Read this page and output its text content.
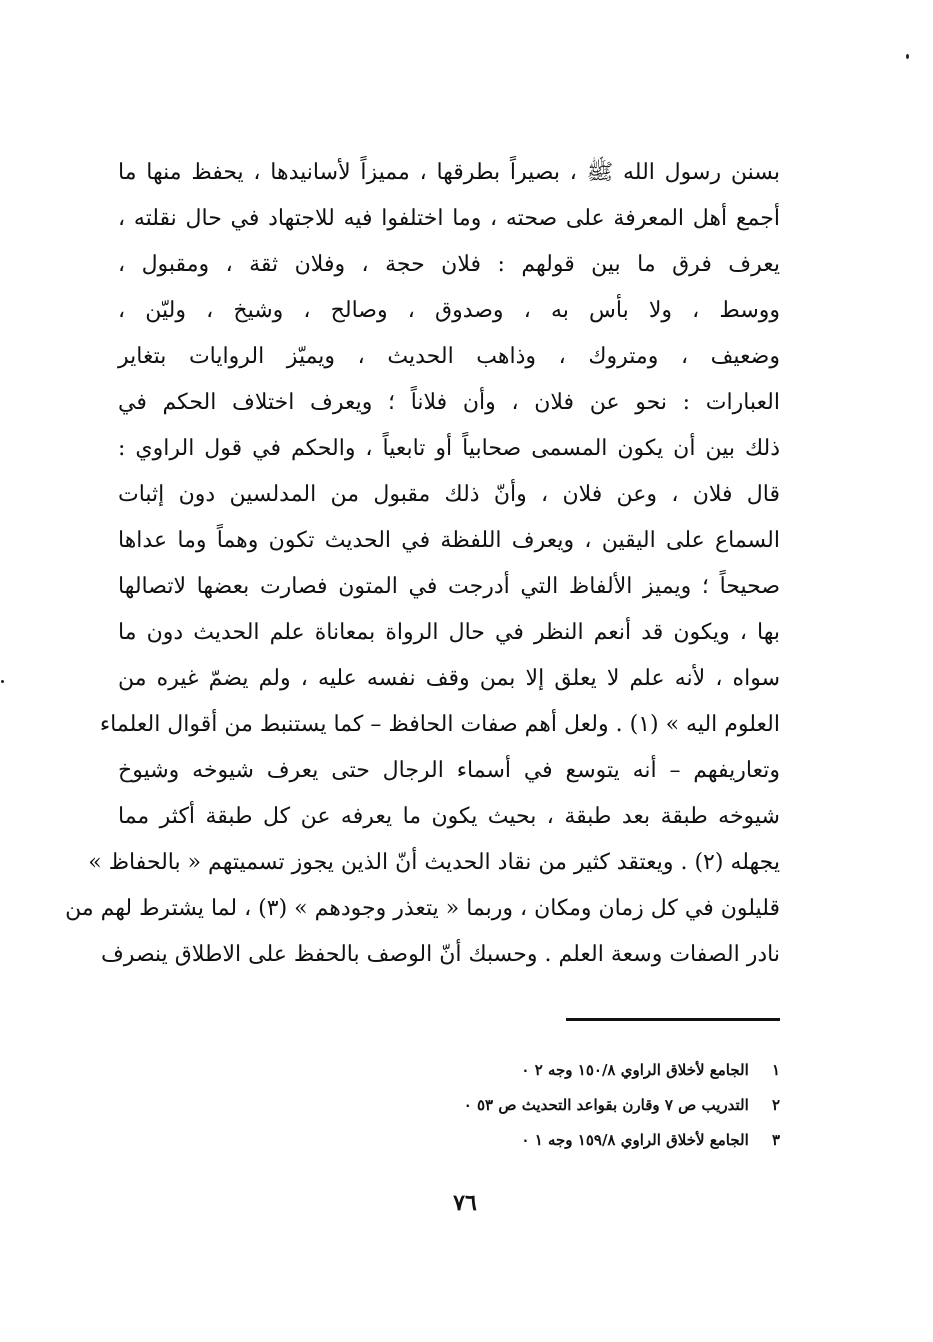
بسنن رسول الله ﷺ ، بصيراً بطرقها ، مميزاً لأسانيدها ، يحفظ منها ما
أجمع أهل المعرفة على صحته ، وما اختلفوا فيه للاجتهاد في حال نقلته ،
يعرف فرق ما بين قولهم : فلان حجة ، وفلان ثقة ، ومقبول ،
ووسط ، ولا بأس به ، وصدوق ، وصالح ، وشيخ ، وليّن ،
وضعيف ، ومتروك ، وذاهب الحديث ، ويميّز الروايات بتغاير
العبارات : نحو عن فلان ، وأن فلاناً ؛ ويعرف اختلاف الحكم في
ذلك بين أن يكون المسمى صحابياً أو تابعياً ، والحكم في قول الراوي :
قال فلان ، وعن فلان ، وأنّ ذلك مقبول من المدلسين دون إثبات
السماع على اليقين ، ويعرف اللفظة في الحديث تكون وهماً وما عداها
صحيحاً ؛ ويميز الألفاظ التي أدرجت في المتون فصارت بعضها لاتصالها
بها ، ويكون قد أنعم النظر في حال الرواة بمعاناة علم الحديث دون ما
سواه ، لأنه علم لا يعلق إلا بمن وقف نفسه عليه ، ولم يضمّ غيره من
العلوم اليه » (١) . ولعل أهم صفات الحافظ – كما يستنبط من أقوال العلماء
وتعاريفهم – أنه يتوسع في أسماء الرجال حتى يعرف شيوخه وشيوخ
شيوخه طبقة بعد طبقة ، بحيث يكون ما يعرفه عن كل طبقة أكثر مما
يجهله (٢) . ويعتقد كثير من نقاد الحديث أنّ الذين يجوز تسميتهم « بالحفاظ »
قليلون في كل زمان ومكان ، وربما « يتعذر وجودهم » (٣) ، لما يشترط لهم من
نادر الصفات وسعة العلم . وحسبك أنّ الوصف بالحفظ على الاطلاق ينصرف
١ الجامع لأخلاق الراوي ١٥٠/٨ وجه ٢ ٠
٢ التدريب ص ٧ وقارن بقواعد التحديث ص ٥٣ ٠
٣ الجامع لأخلاق الراوي ١٥٩/٨ وجه ١ ٠
٧٦
